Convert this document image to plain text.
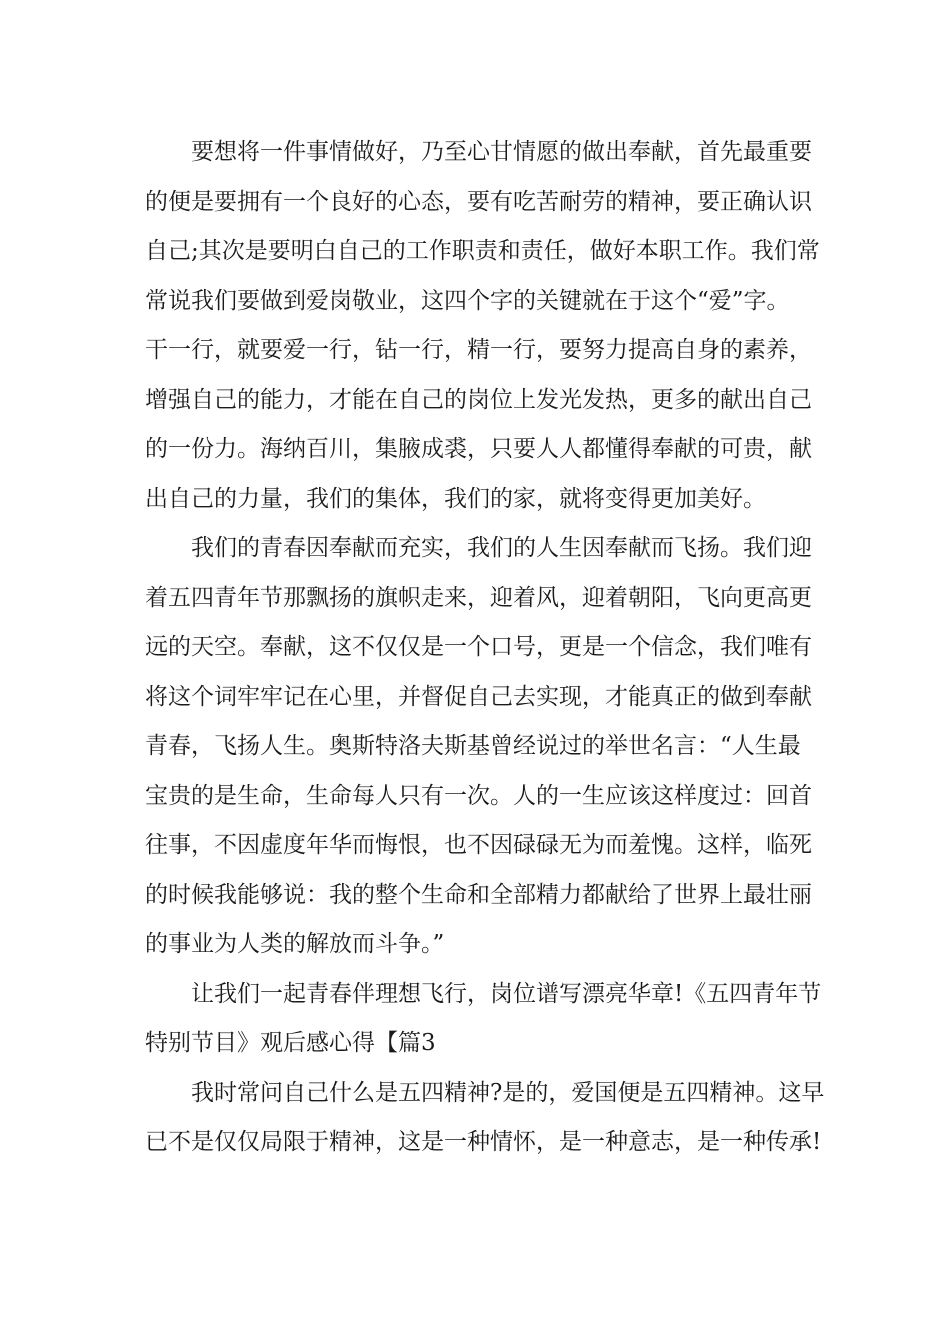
要想将一件事情做好，乃至心甘情愿的做出奉献，首先最重要
的便是要拥有一个良好的心态，要有吃苦耐劳的精神，要正确认识
自己;其次是要明白自己的工作职责和责任，做好本职工作。我们常
常说我们要做到爱岗敬业，这四个字的关键就在于这个“爱”字。
干一行，就要爱一行，钻一行，精一行，要努力提高自身的素养，
增强自己的能力，才能在自己的岗位上发光发热，更多的献出自己
的一份力。海纳百川，集腋成裘，只要人人都懂得奉献的可贵，献
出自己的力量，我们的集体，我们的家，就将变得更加美好。
我们的青春因奉献而充实，我们的人生因奉献而飞扬。我们迎
着五四青年节那飘扬的旗帜走来，迎着风，迎着朝阳，飞向更高更
远的天空。奉献，这不仅仅是一个口号，更是一个信念，我们唯有
将这个词牢牢记在心里，并督促自己去实现，才能真正的做到奉献
青春，飞扬人生。奥斯特洛夫斯基曾经说过的举世名言：“人生最
宝贵的是生命，生命每人只有一次。人的一生应该这样度过：回首
往事，不因虚度年华而悔恨，也不因碌碌无为而羞愧。这样，临死
的时候我能够说：我的整个生命和全部精力都献给了世界上最壮丽
的事业为人类的解放而斗争。”
让我们一起青春伴理想飞行，岗位谱写漂亮华章!《五四青年节
特别节目》观后感心得【篇3
我时常问自己什么是五四精神?是的，爱国便是五四精神。这早
已不是仅仅局限于精神，这是一种情怀，是一种意志，是一种传承!
